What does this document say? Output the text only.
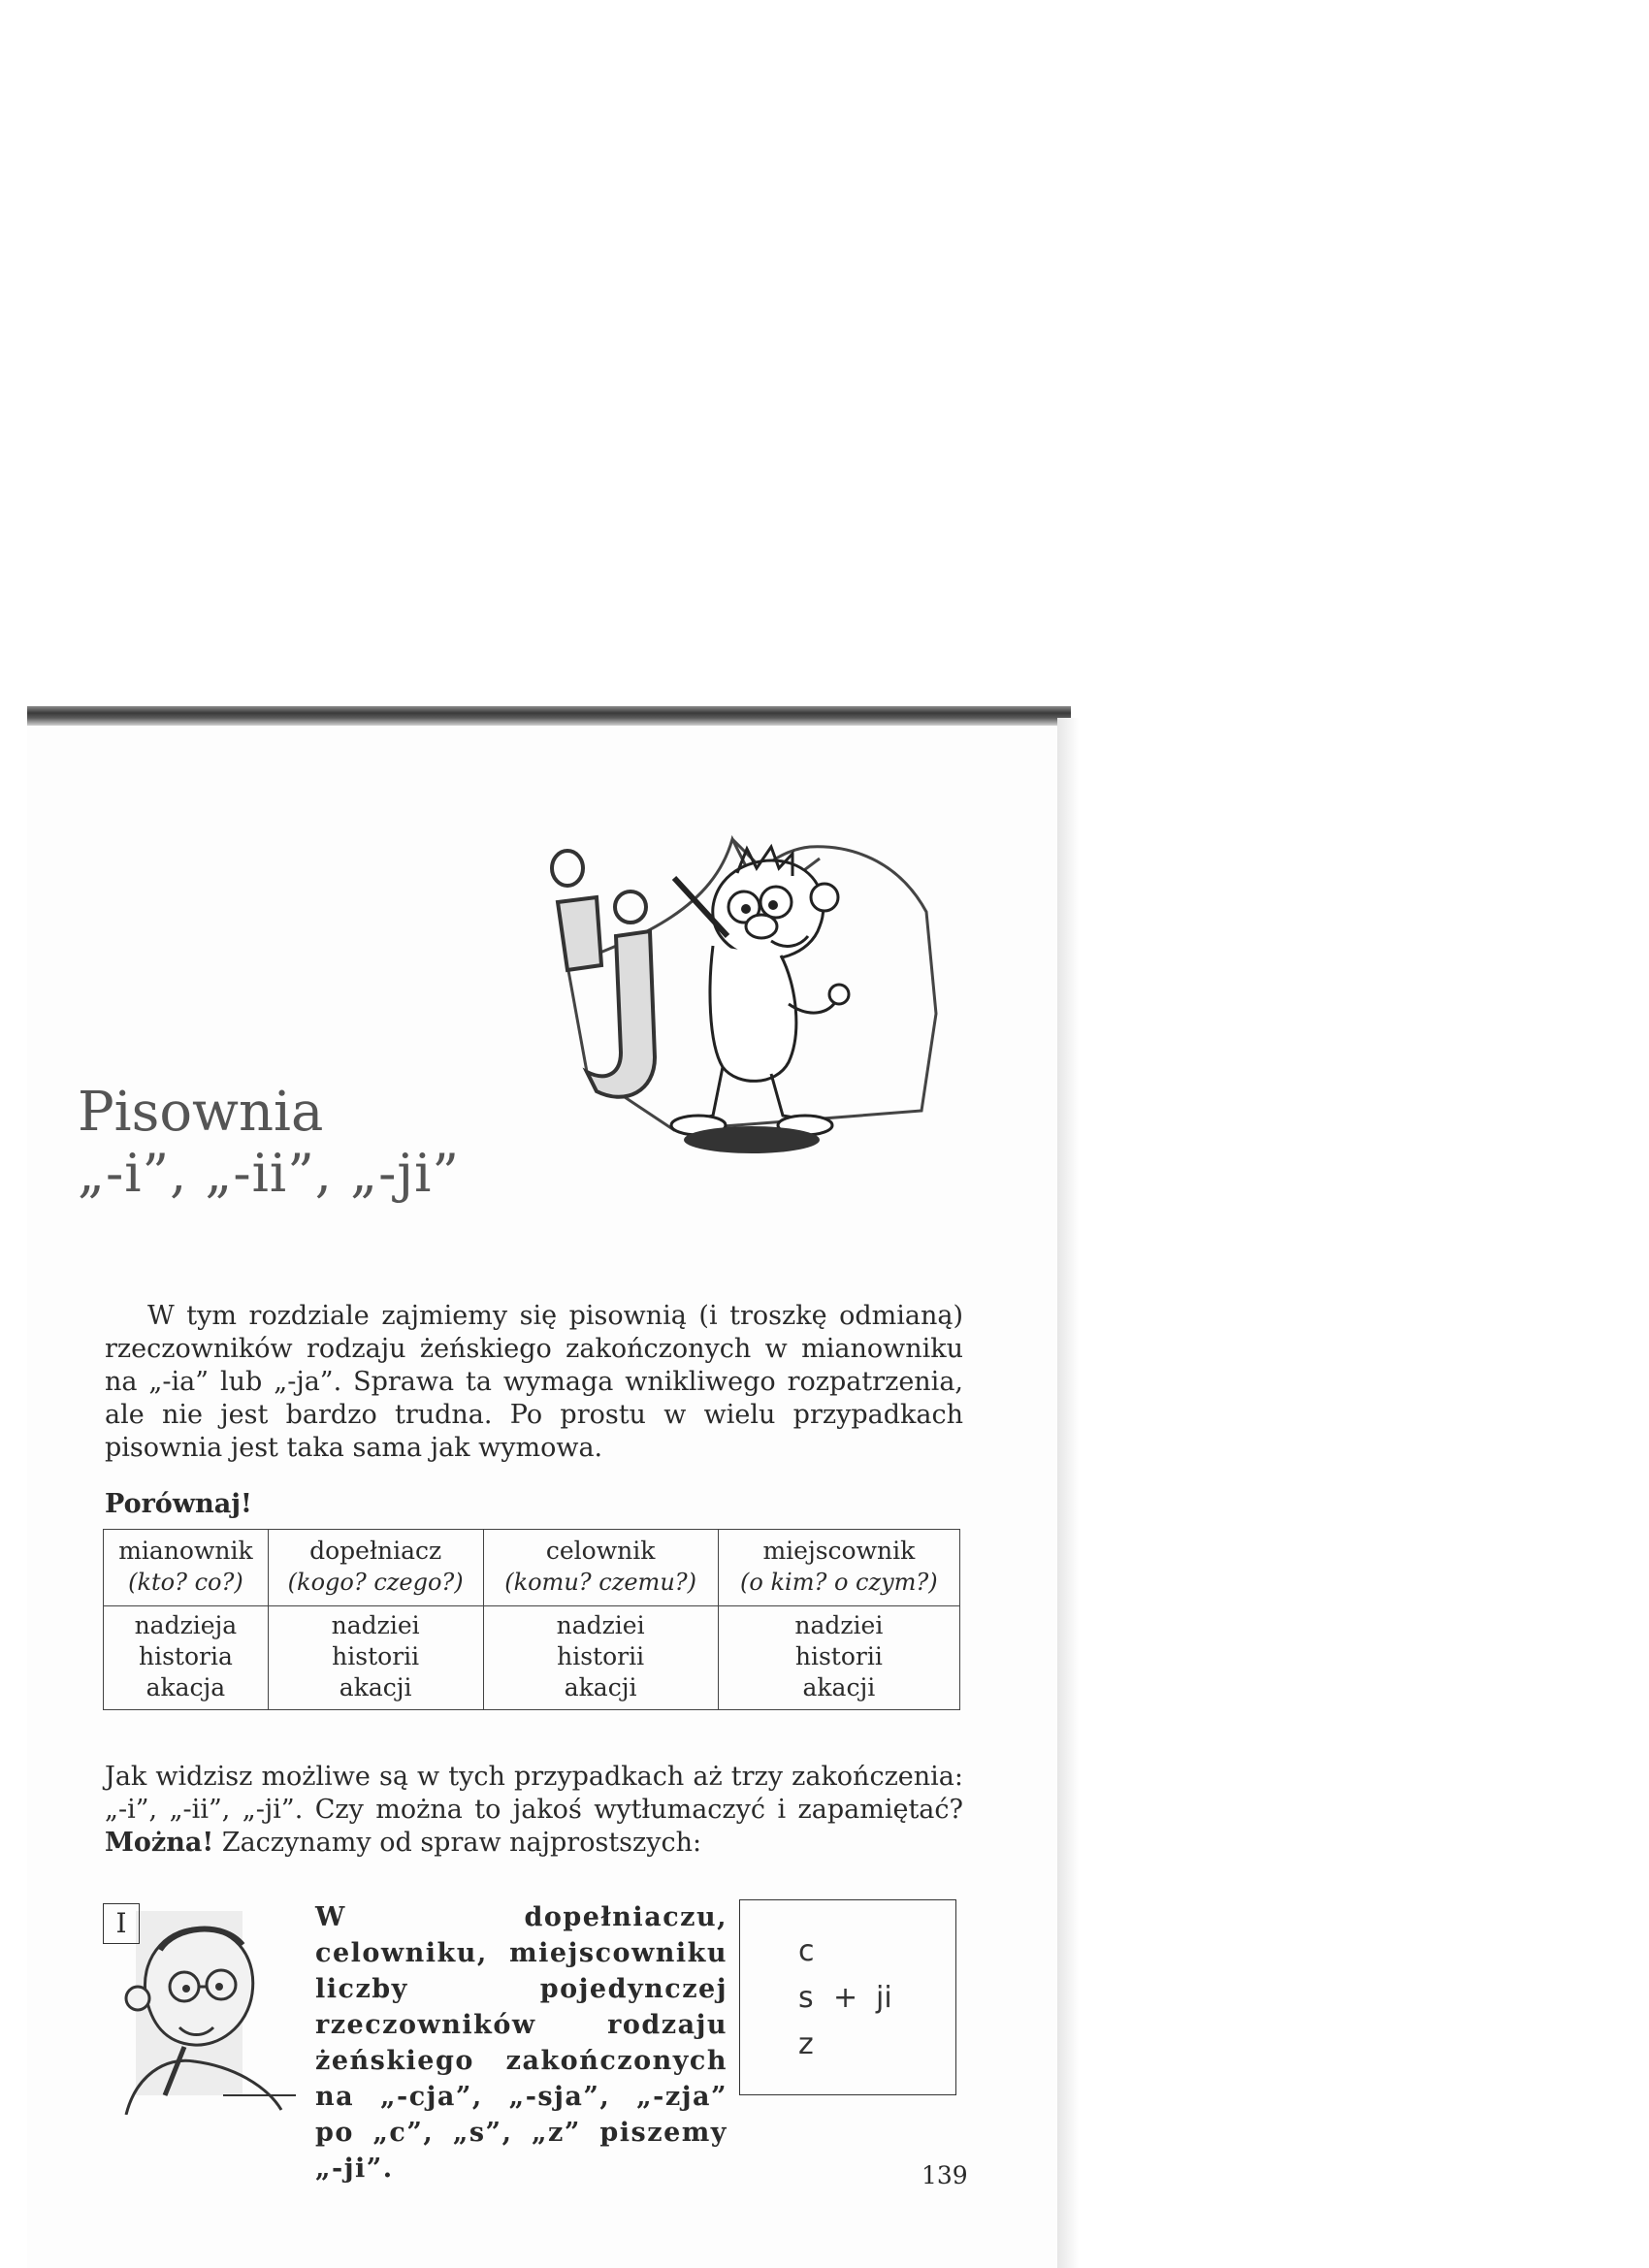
Pisownia
„-i”, „-ii”, „-ji”

W tym rozdziale zajmiemy się pisownią (i troszkę odmianą) rzeczowników rodzaju żeńskiego zakończonych w mianowniku na „-ia” lub „-ja”. Sprawa ta wymaga wnikliwego rozpatrzenia, ale nie jest bardzo trudna. Po prostu w wielu przypadkach pisownia jest taka sama jak wymowa.

Porównaj!

mianownik
(kto? co?)	dopełniacz
(kogo? czego?)	celownik
(komu? czemu?)	miejscownik
(o kim? o czym?)

nadzieja
historia
akacja	nadziei
historii
akacji	nadziei
historii
akacji	nadziei
historii
akacji

Jak widzisz możliwe są w tych przypadkach aż trzy zakończenia: „-i”, „-ii”, „-ji”. Czy można to jakoś wytłumaczyć i zapamiętać? Można! Zaczynamy od spraw najprostszych:

I	W dopełniaczu, celowniku, miejscowniku liczby pojedynczej rzeczowników rodzaju żeńskiego zakończonych na „-cja”, „-sja”, „-zja” po „c”, „s”, „z” piszemy „-ji”.

c
s + ji
z

139
